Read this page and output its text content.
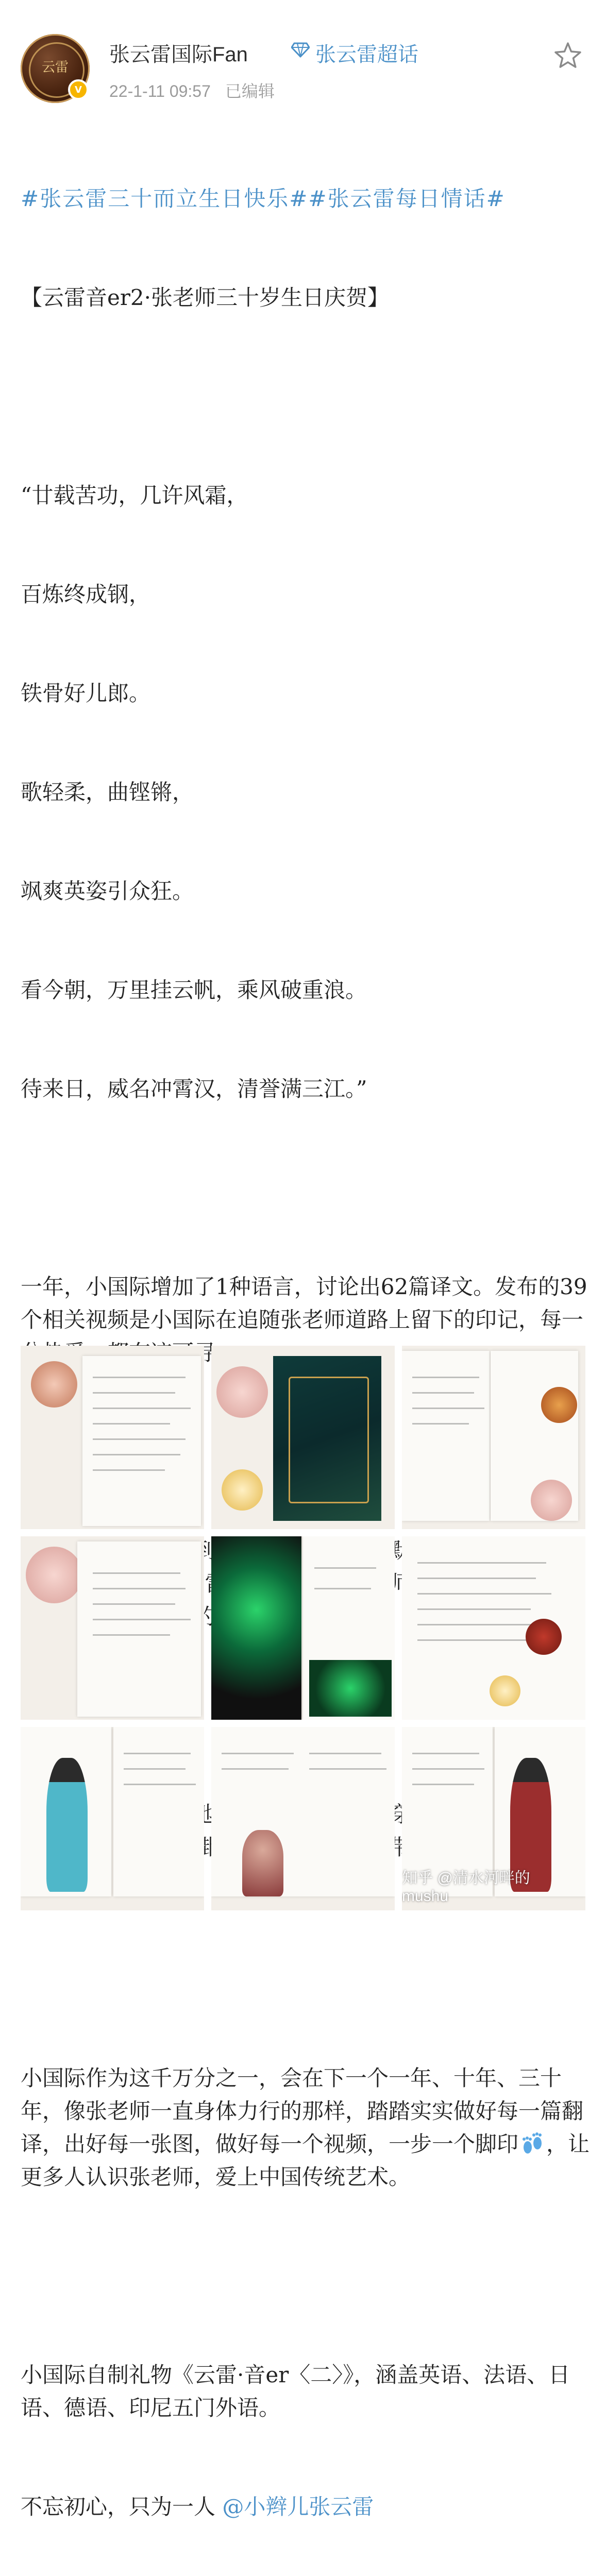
云雷
V
张云雷国际Fan	张云雷超话
22-1-11 09:57 已编辑

#张云雷三十而立生日快乐##张云雷每日情话#

【云雷音er2·张老师三十岁生日庆贺】

“廿载苦功，几许风霜，

百炼终成钢，

铁骨好儿郎。

歌轻柔，曲铿锵，

飒爽英姿引众狂。

看今朝，万里挂云帆，乘风破重浪。

待来日，威名冲霄汉，清誉满三江。”

一年，小国际增加了1种语言，讨论出62篇译文。发布的39个相关视频是小国际在追随张老师道路上留下的印记，每一 寻

小国际作为这千万分之一，会在下一个一年、十年、三十年，像张老师一直身体力行的那样，踏踏实实做好每一篇翻译，出好每一张图，做好每一个视频，一步一个脚印 ，让更多人认识张老师，爱上中国传统艺术。

小国际自制礼物《云雷·音er〈二〉》，涵盖英语、法语、日语、德语、印尼五门外语。

不忘初心，只为一人 @小辫儿张云雷

知乎 @清水河畔的mushu
